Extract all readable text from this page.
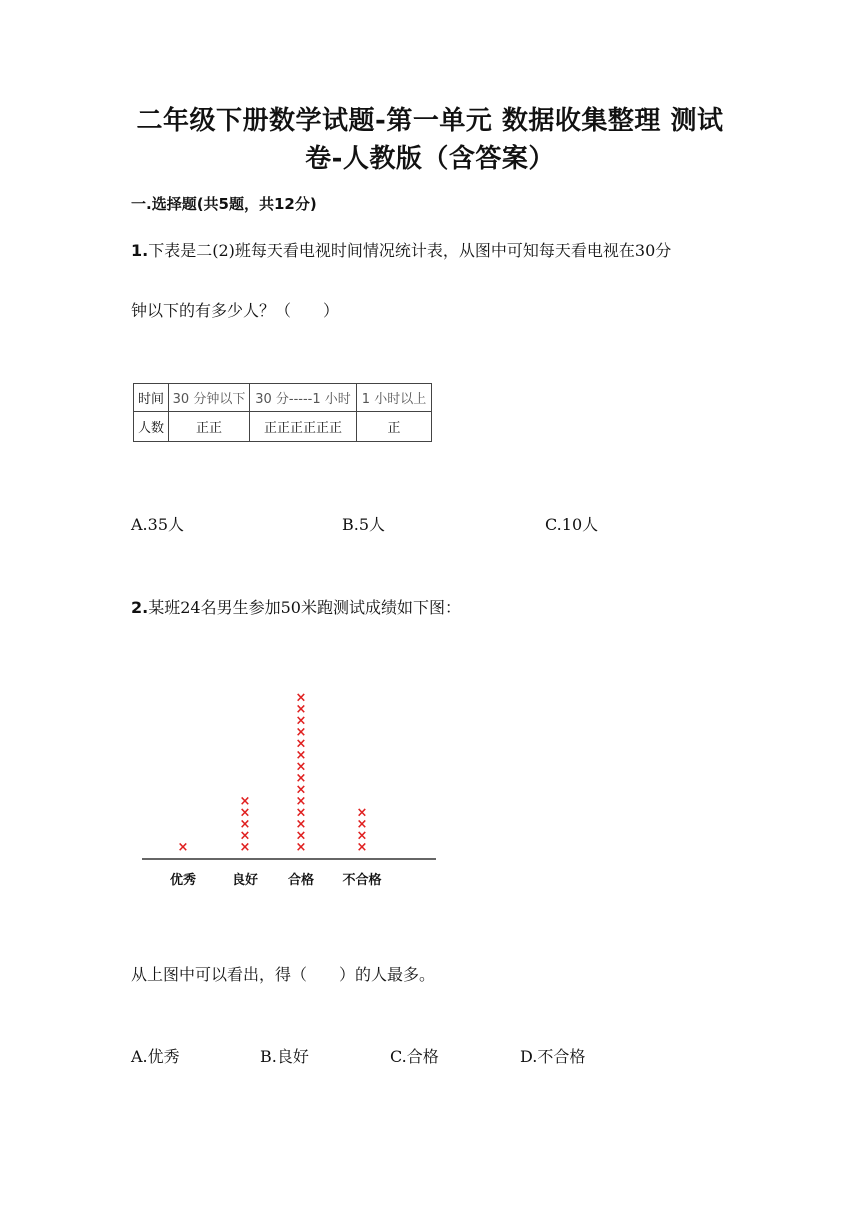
二年级下册数学试题-第一单元 数据收集整理 测试
卷-人教版（含答案）
一.选择题(共5题，共12分)
1.下表是二(2)班每天看电视时间情况统计表，从图中可知每天看电视在30分
钟以下的有多少人？（　　）
时间	30 分钟以下	30 分-----1 小时	1 小时以上
人数	正正	正正正正正正	正
A.35人	B.5人	C.10人
2.某班24名男生参加50米跑测试成绩如下图：
×	×
×
×
×
×
×
×
×
×
×
×
×
×
×
×
×
×
×
×
×
×
×
×
优秀	良好 合格 不合格
从上图中可以看出，得（　　）的人最多。
A.优秀	B.良好	C.合格	D.不合格
